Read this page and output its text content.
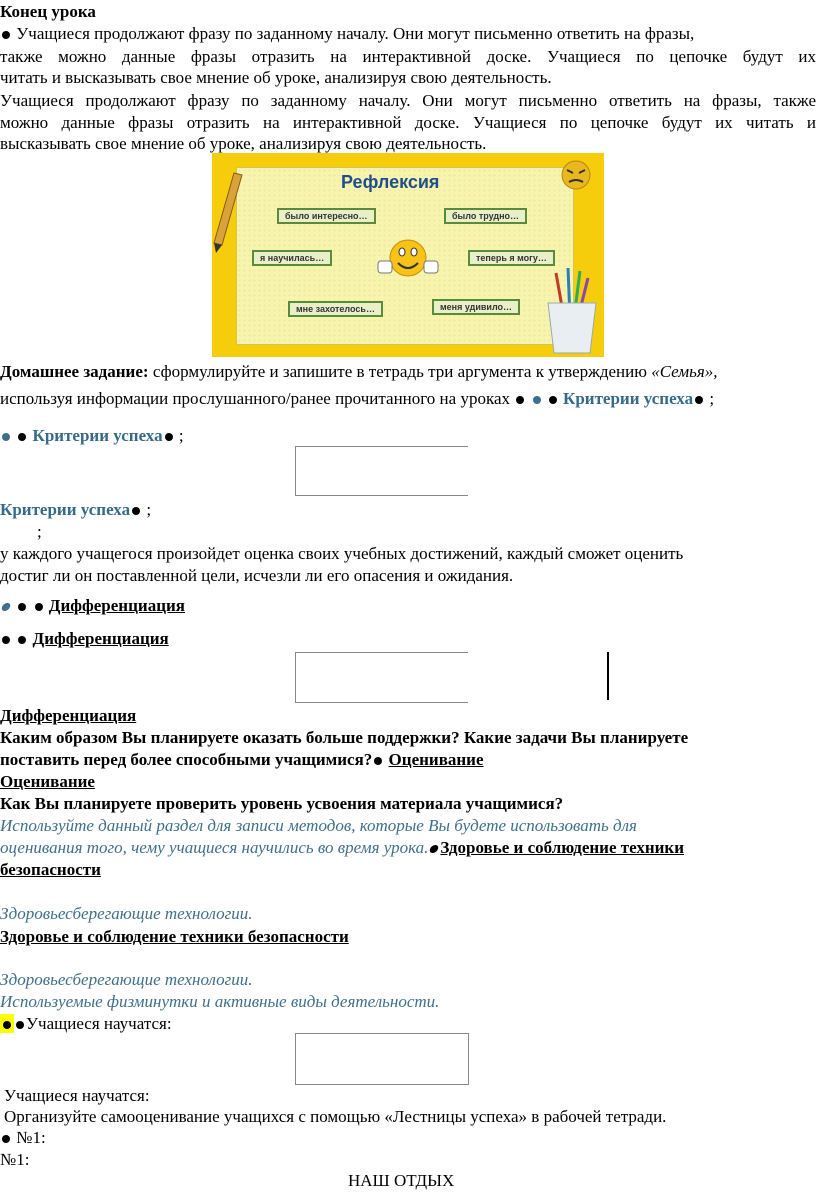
Конец урока
Учащиеся продолжают фразу по заданному началу. Они могут письменно ответить на фразы,
также можно данные фразы отразить на интерактивной доске. Учащиеся по цепочке будут их
читать и высказывать свое мнение об уроке, анализируя свою деятельность.
Учащиеся продолжают фразу по заданному началу. Они могут письменно ответить на фразы, также
можно данные фразы отразить на интерактивной доске. Учащиеся по цепочке будут их читать и
высказывать свое мнение об уроке, анализируя свою деятельность.
Рефлексия
было интересно…	было трудно…
я научилась…	теперь я могу…
мне захотелось…	меня удивило…
Домашнее задание: сформулируйте и запишите в тетрадь три аргумента к утверждению «Семья»,
используя информации прослушанного/ранее прочитанного на уроках	Критерии успеха ;
Критерии успеха ;
Критерии успеха ;
;
у каждого учащегося произойдет оценка своих учебных достижений, каждый сможет оценить
достиг ли он поставленной цели, исчезли ли его опасения и ожидания.
Дифференциация
Дифференциация
Дифференциация
Каким образом Вы планируете оказать больше поддержки? Какие задачи Вы планируете
поставить перед более способными учащимися? Оценивание
Оценивание
Как Вы планируете проверить уровень усвоения материала учащимися?
Используйте данный раздел для записи методов, которые Вы будете использовать для
оценивания того, чему учащиеся научились во время урока. Здоровье и соблюдение техники
безопасности
Здоровьесберегающие технологии.
Здоровье и соблюдение техники безопасности
Здоровьесберегающие технологии.
Используемые физминутки и активные виды деятельности.
Учащиеся научатся:
Учащиеся научатся:
Организуйте самооценивание учащихся с помощью «Лестницы успеха» в рабочей тетради.
№1:
№1:
НАШ ОТДЫХ
